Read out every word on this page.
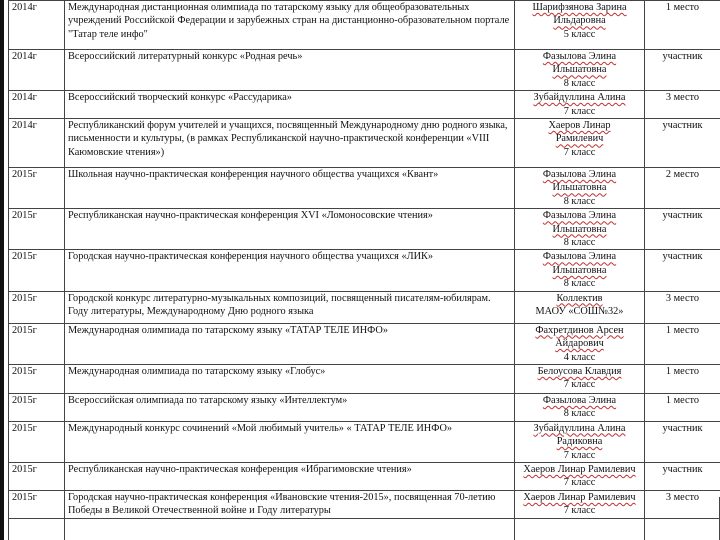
2014г	Международная дистанционная олимпиада по татарскому языку для общеобразовательных учреждений Российской Федерации и зарубежных стран на дистанционно-образовательном портале "Татар теле инфо"	Шарифзянова Зарина
Ильдаровна
5 класс	1 место
2014г	Всероссийский литературный конкурс «Родная речь»	Фазылова Элина
Ильшатовна
8 класс	участник
2014г	Всероссийский творческий конкурс «Рассударика»	Зубайдуллина Алина
7 класс	3 место
2014г	Республиканский форум учителей и учащихся, посвященный Международному дню родного языка, письменности и культуры, (в рамках Республиканской научно-практической конференции «VIII Каюмовские чтения»)	Хаеров Линар
Рамилевич
7 класс	участник
2015г	Школьная научно-практическая конференция научного общества учащихся «Квант»	Фазылова Элина
Ильшатовна
8 класс	2 место
2015г	Республиканская научно-практическая конференция XVI «Ломоносовские чтения»	Фазылова Элина
Ильшатовна
8 класс	участник
2015г	Городская научно-практическая конференция научного общества учащихся «ЛИК»	Фазылова Элина
Ильшатовна
8 класс	участник
2015г	Городской конкурс литературно-музыкальных композиций, посвященный писателям-юбилярам. Году литературы, Международному Дню родного языка	Коллектив
МАОУ «СОШ№32»	3 место
2015г	Международная олимпиада по татарскому языку «ТАТАР ТЕЛЕ ИНФО»	Фахретдинов Арсен
Айдарович
4 класс	1 место
2015г	Международная олимпиада по татарскому языку «Глобус»	Белоусова Клавдия
7 класс	1 место
2015г	Всероссийская олимпиада по татарскому языку «Интеллектум»	Фазылова Элина
8 класс	1 место
2015г	Международный конкурс сочинений «Мой любимый учитель» « ТАТАР ТЕЛЕ ИНФО»	Зубайдуллина Алина
Радиковна
7 класс	участник
2015г	Республиканская научно-практическая конференция «Ибрагимовские чтения»	Хаеров Линар Рамилевич
7 класс	участник
2015г	Городская научно-практическая конференция «Ивановские чтения-2015», посвященная 70-летию Победы в Великой Отечественной войне и Году литературы	Хаеров Линар Рамилевич
7 класс	3 место
